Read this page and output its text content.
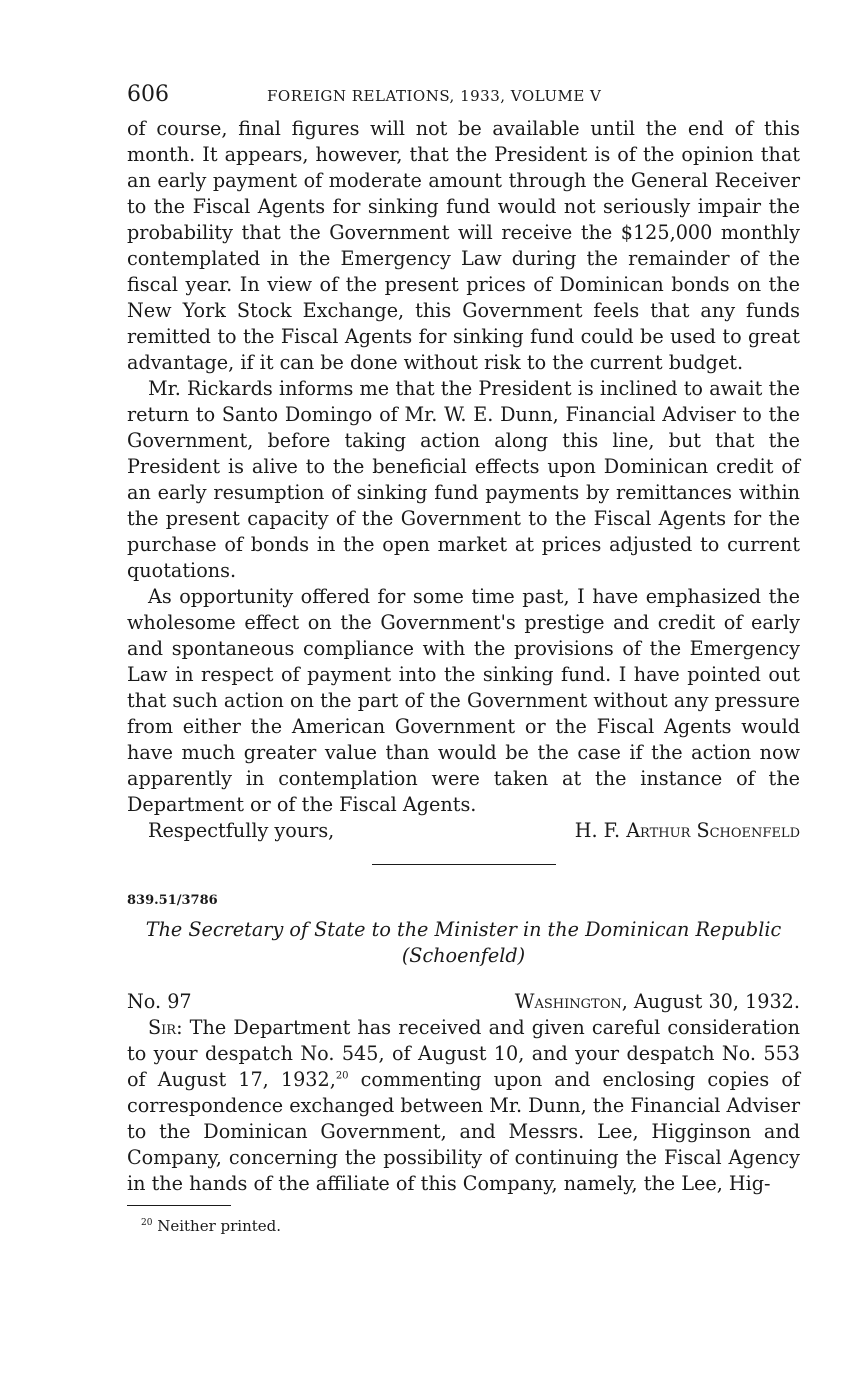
606	FOREIGN RELATIONS, 1933, VOLUME V

of course, final figures will not be available until the end of this month. It appears, however, that the President is of the opinion that an early payment of moderate amount through the General Receiver to the Fiscal Agents for sinking fund would not seriously impair the probability that the Government will receive the $125,000 monthly contemplated in the Emergency Law during the remainder of the fiscal year. In view of the present prices of Dominican bonds on the New York Stock Exchange, this Government feels that any funds remitted to the Fiscal Agents for sinking fund could be used to great advantage, if it can be done without risk to the current budget.

Mr. Rickards informs me that the President is inclined to await the return to Santo Domingo of Mr. W. E. Dunn, Financial Adviser to the Government, before taking action along this line, but that the President is alive to the beneficial effects upon Dominican credit of an early resumption of sinking fund payments by remittances within the present capacity of the Government to the Fiscal Agents for the purchase of bonds in the open market at prices adjusted to current quotations.

As opportunity offered for some time past, I have emphasized the wholesome effect on the Government's prestige and credit of early and spontaneous compliance with the provisions of the Emergency Law in respect of payment into the sinking fund. I have pointed out that such action on the part of the Government without any pressure from either the American Government or the Fiscal Agents would have much greater value than would be the case if the action now apparently in contemplation were taken at the instance of the Department or of the Fiscal Agents.

Respectfully yours,	H. F. Arthur Schoenfeld
839.51/3786
The Secretary of State to the Minister in the Dominican Republic
(Schoenfeld)
No. 97	Washington, August 30, 1932.

Sir: The Department has received and given careful consideration to your despatch No. 545, of August 10, and your despatch No. 553 of August 17, 1932,20 commenting upon and enclosing copies of correspondence exchanged between Mr. Dunn, the Financial Adviser to the Dominican Government, and Messrs. Lee, Higginson and Company, concerning the possibility of continuing the Fiscal Agency in the hands of the affiliate of this Company, namely, the Lee, Hig-

$^{20}$ Neither printed.
